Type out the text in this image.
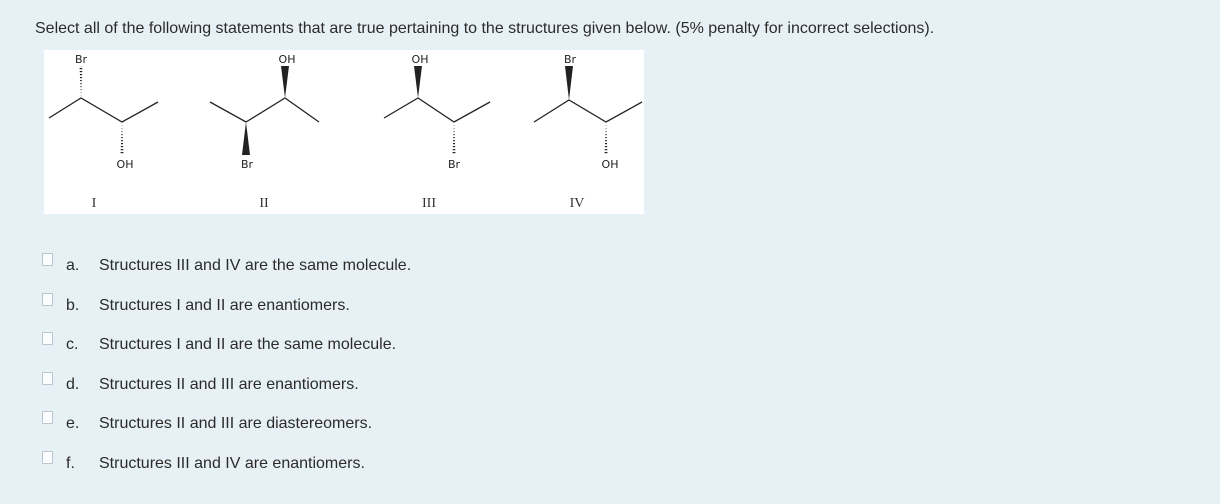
Select all of the following statements that are true pertaining to the structures given below. (5% penalty for incorrect selections).
Br
OH
I
OH
Br
II
OH
Br
III
Br
OH
IV
a. Structures III and IV are the same molecule.
b. Structures I and II are enantiomers.
c. Structures I and II are the same molecule.
d. Structures II and III are enantiomers.
e. Structures II and III are diastereomers.
f. Structures III and IV are enantiomers.
